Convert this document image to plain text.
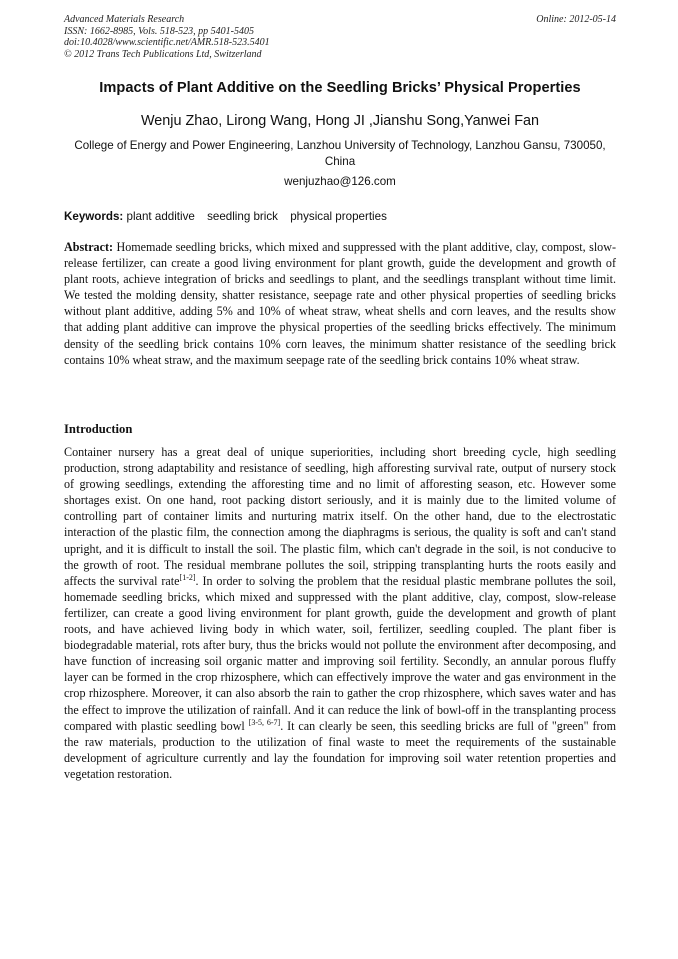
Advanced Materials Research
ISSN: 1662-8985, Vols. 518-523, pp 5401-5405
doi:10.4028/www.scientific.net/AMR.518-523.5401
© 2012 Trans Tech Publications Ltd, Switzerland
Online: 2012-05-14
Impacts of Plant Additive on the Seedling Bricks’ Physical Properties
Wenju Zhao, Lirong Wang, Hong JI ,Jianshu Song,Yanwei Fan
College of Energy and Power Engineering, Lanzhou University of Technology, Lanzhou Gansu, 730050, China
wenjuzhao@126.com
Keywords: plant additive seedling brick physical properties
Abstract: Homemade seedling bricks, which mixed and suppressed with the plant additive, clay, compost, slow-release fertilizer, can create a good living environment for plant growth, guide the development and growth of plant roots, achieve integration of bricks and seedlings to plant, and the seedlings transplant without time limit. We tested the molding density, shatter resistance, seepage rate and other physical properties of seedling bricks without plant additive, adding 5% and 10% of wheat straw, wheat shells and corn leaves, and the results show that adding plant additive can improve the physical properties of the seedling bricks effectively. The minimum density of the seedling brick contains 10% corn leaves, the minimum shatter resistance of the seedling brick contains 10% wheat straw, and the maximum seepage rate of the seedling brick contains 10% wheat straw.
Introduction
Container nursery has a great deal of unique superiorities, including short breeding cycle, high seedling production, strong adaptability and resistance of seedling, high afforesting survival rate, output of nursery stock of growing seedlings, extending the afforesting time and no limit of afforesting season, etc. However some shortages exist. On one hand, root packing distort seriously, and it is mainly due to the limited volume of controlling part of container limits and nurturing matrix itself. On the other hand, due to the electrostatic interaction of the plastic film, the connection among the diaphragms is serious, the quality is soft and can't stand upright, and it is difficult to install the soil. The plastic film, which can't degrade in the soil, is not conducive to the growth of root. The residual membrane pollutes the soil, stripping transplanting hurts the roots easily and affects the survival rate[1-2]. In order to solving the problem that the residual plastic membrane pollutes the soil, homemade seedling bricks, which mixed and suppressed with the plant additive, clay, compost, slow-release fertilizer, can create a good living environment for plant growth, guide the development and growth of plant roots, and have achieved living body in which water, soil, fertilizer, seedling coupled. The plant fiber is biodegradable material, rots after bury, thus the bricks would not pollute the environment after decomposing, and have function of increasing soil organic matter and improving soil fertility. Secondly, an annular porous fluffy layer can be formed in the crop rhizosphere, which can effectively improve the water and gas environment in the crop rhizosphere. Moreover, it can also absorb the rain to gather the crop rhizosphere, which saves water and has the effect to improve the utilization of rainfall. And it can reduce the link of bowl-off in the transplanting process compared with plastic seedling bowl [3-5, 6-7]. It can clearly be seen, this seedling bricks are full of "green" from the raw materials, production to the utilization of final waste to meet the requirements of the sustainable development of agriculture currently and lay the foundation for improving soil water retention properties and vegetation restoration.
